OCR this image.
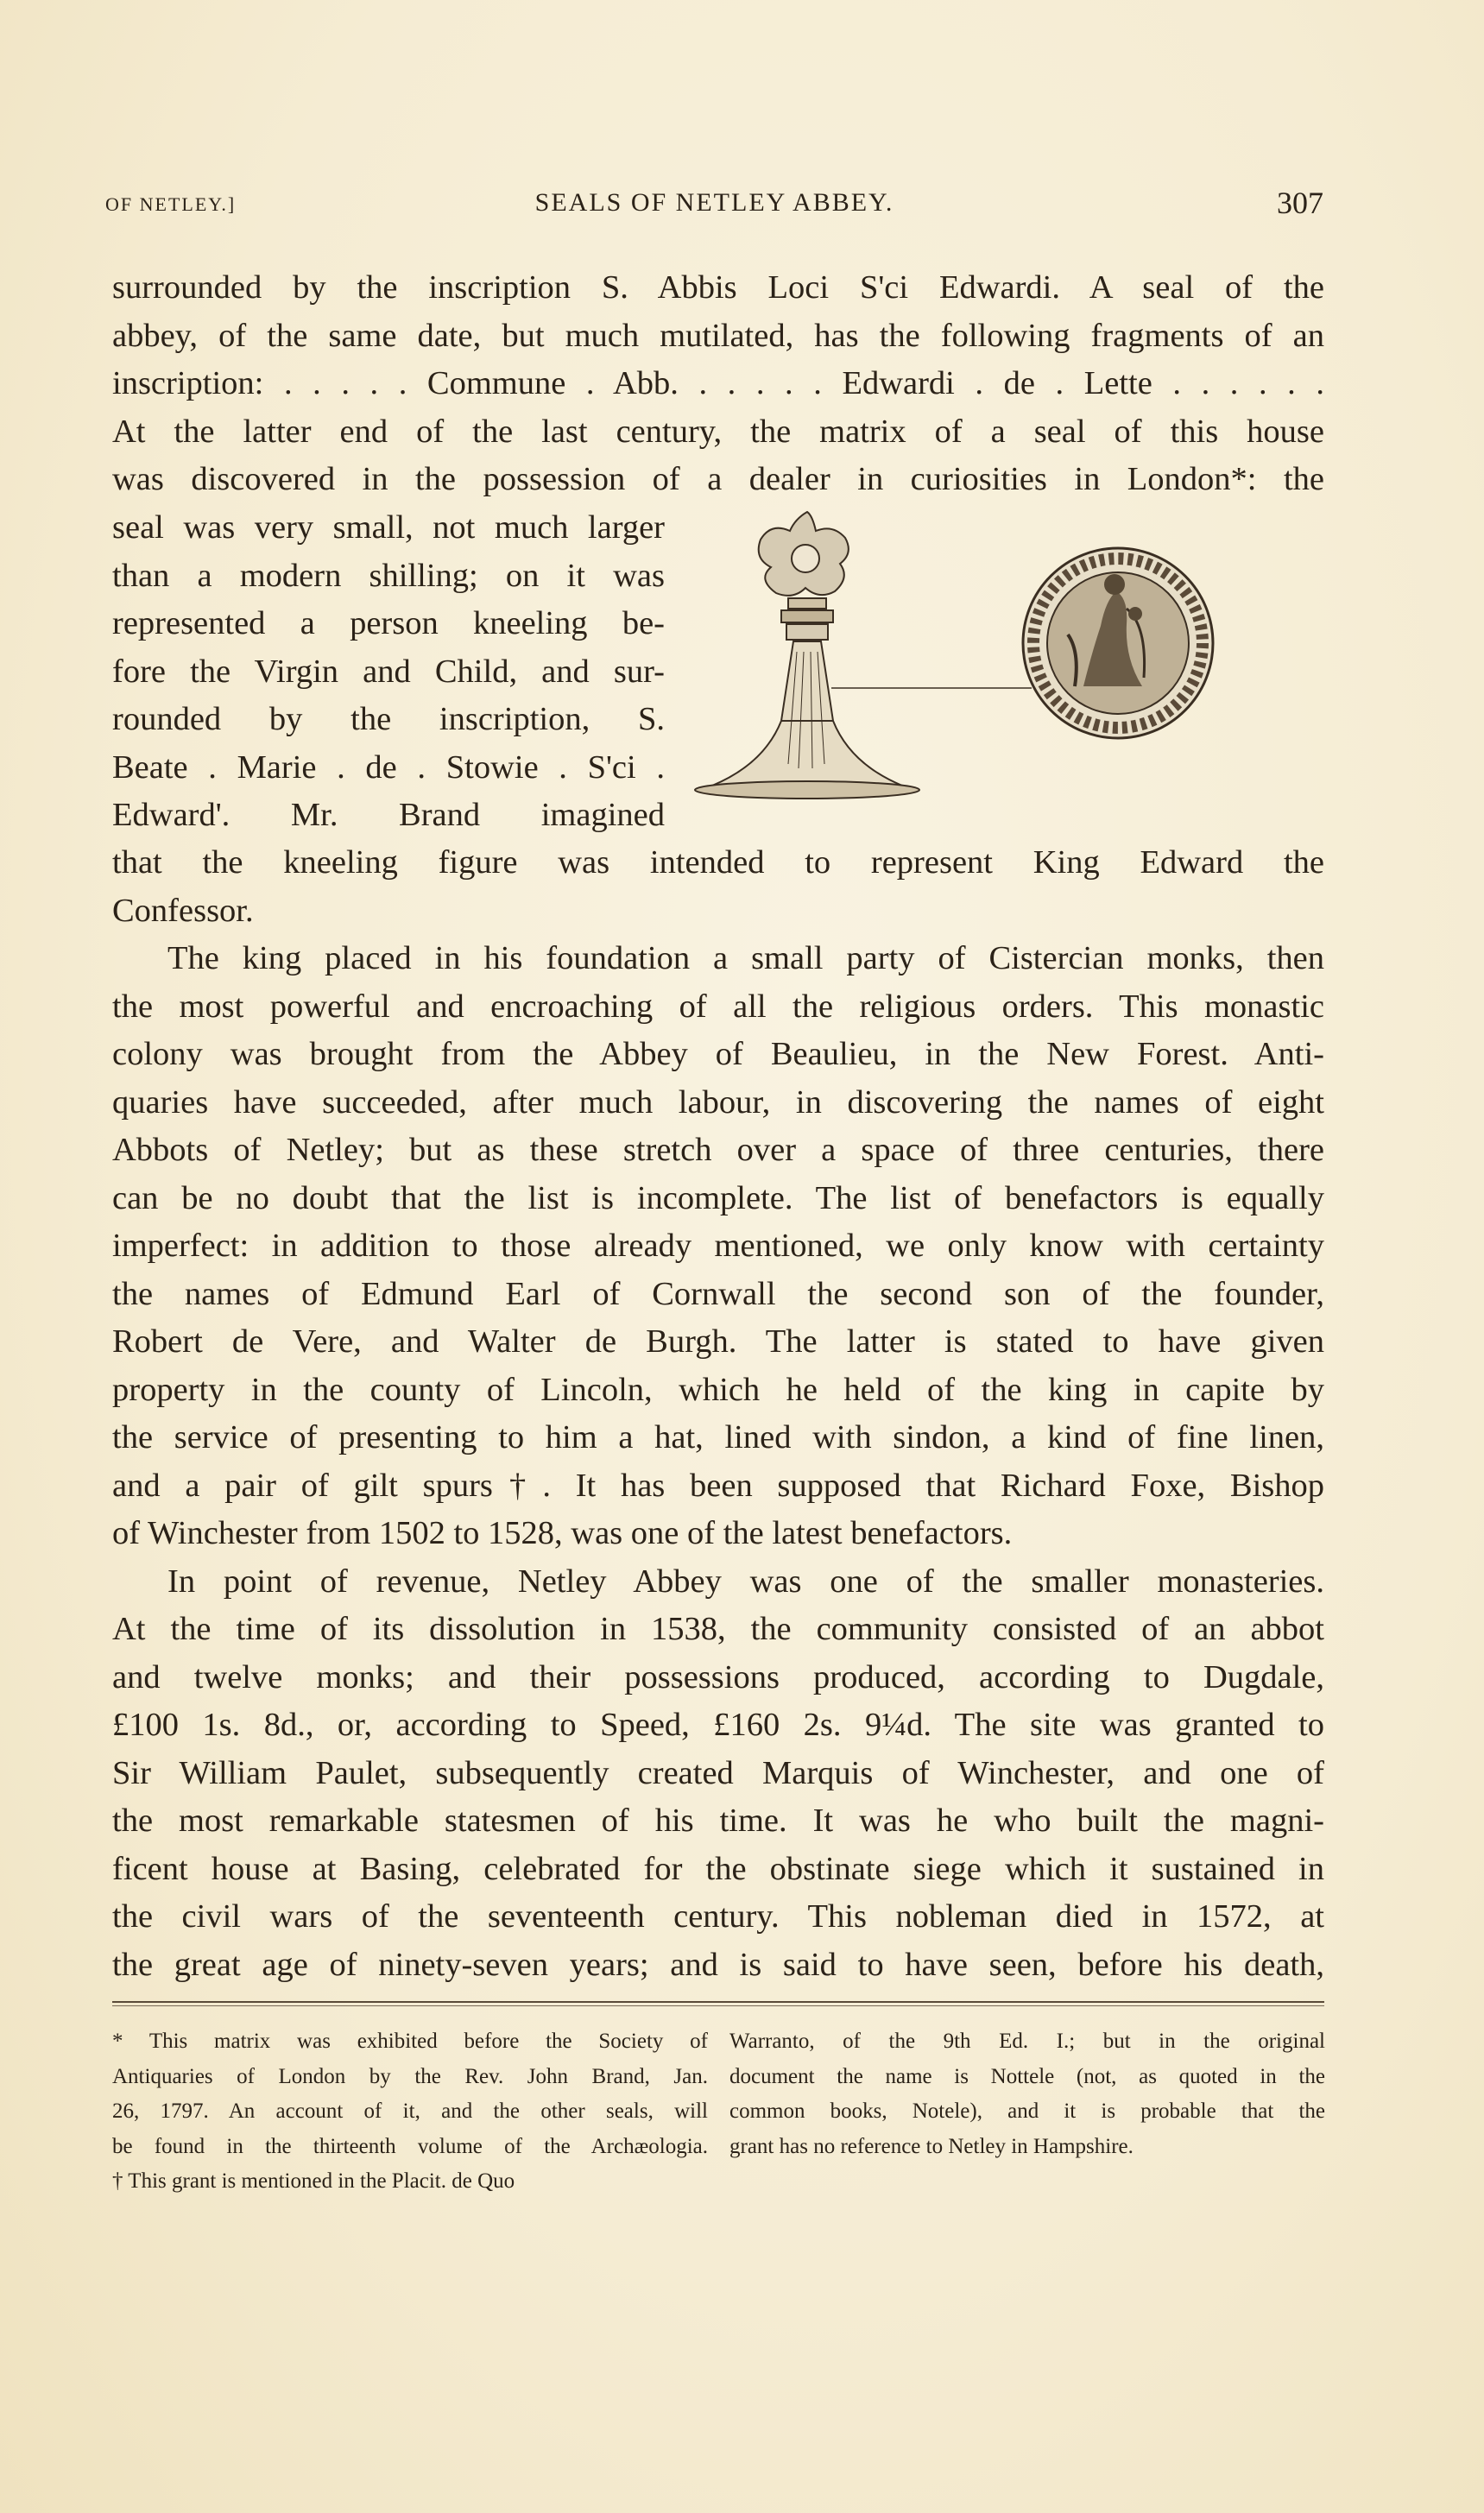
OF NETLEY.]	SEALS OF NETLEY ABBEY.	307
surrounded by the inscription S. Abbis Loci S'ci Edwardi. A seal of the
abbey, of the same date, but much mutilated, has the following fragments of an
inscription: . . . . . Commune . Abb. . . . . . Edwardi . de . Lette . . . . . .
At the latter end of the last century, the matrix of a seal of this house
was discovered in the possession of a dealer in curiosities in London*: the
seal was very small, not much larger
than a modern shilling; on it was
represented a person kneeling be-
fore the Virgin and Child, and sur-
rounded by the inscription, S.
Beate . Marie . de . Stowie . S'ci .
Edward'. Mr. Brand imagined
that the kneeling figure was intended to represent King Edward the
Confessor.
The king placed in his foundation a small party of Cistercian monks, then
the most powerful and encroaching of all the religious orders. This monastic
colony was brought from the Abbey of Beaulieu, in the New Forest. Anti-
quaries have succeeded, after much labour, in discovering the names of eight
Abbots of Netley; but as these stretch over a space of three centuries, there
can be no doubt that the list is incomplete. The list of benefactors is equally
imperfect: in addition to those already mentioned, we only know with certainty
the names of Edmund Earl of Cornwall the second son of the founder,
Robert de Vere, and Walter de Burgh. The latter is stated to have given
property in the county of Lincoln, which he held of the king in capite by
the service of presenting to him a hat, lined with sindon, a kind of fine linen,
and a pair of gilt spurs†. It has been supposed that Richard Foxe, Bishop
of Winchester from 1502 to 1528, was one of the latest benefactors.
In point of revenue, Netley Abbey was one of the smaller monasteries.
At the time of its dissolution in 1538, the community consisted of an abbot
and twelve monks; and their possessions produced, according to Dugdale,
£100 1s. 8d., or, according to Speed, £160 2s. 9¼d. The site was granted to
Sir William Paulet, subsequently created Marquis of Winchester, and one of
the most remarkable statesmen of his time. It was he who built the magni-
ficent house at Basing, celebrated for the obstinate siege which it sustained in
the civil wars of the seventeenth century. This nobleman died in 1572, at
the great age of ninety-seven years; and is said to have seen, before his death,
* This matrix was exhibited before the Society of
Antiquaries of London by the Rev. John Brand, Jan.
26, 1797. An account of it, and the other seals, will
be found in the thirteenth volume of the Archæologia.
† This grant is mentioned in the Placit. de Quo
Warranto, of the 9th Ed. I.; but in the original
document the name is Nottele (not, as quoted in the
common books, Notele), and it is probable that the
grant has no reference to Netley in Hampshire.
